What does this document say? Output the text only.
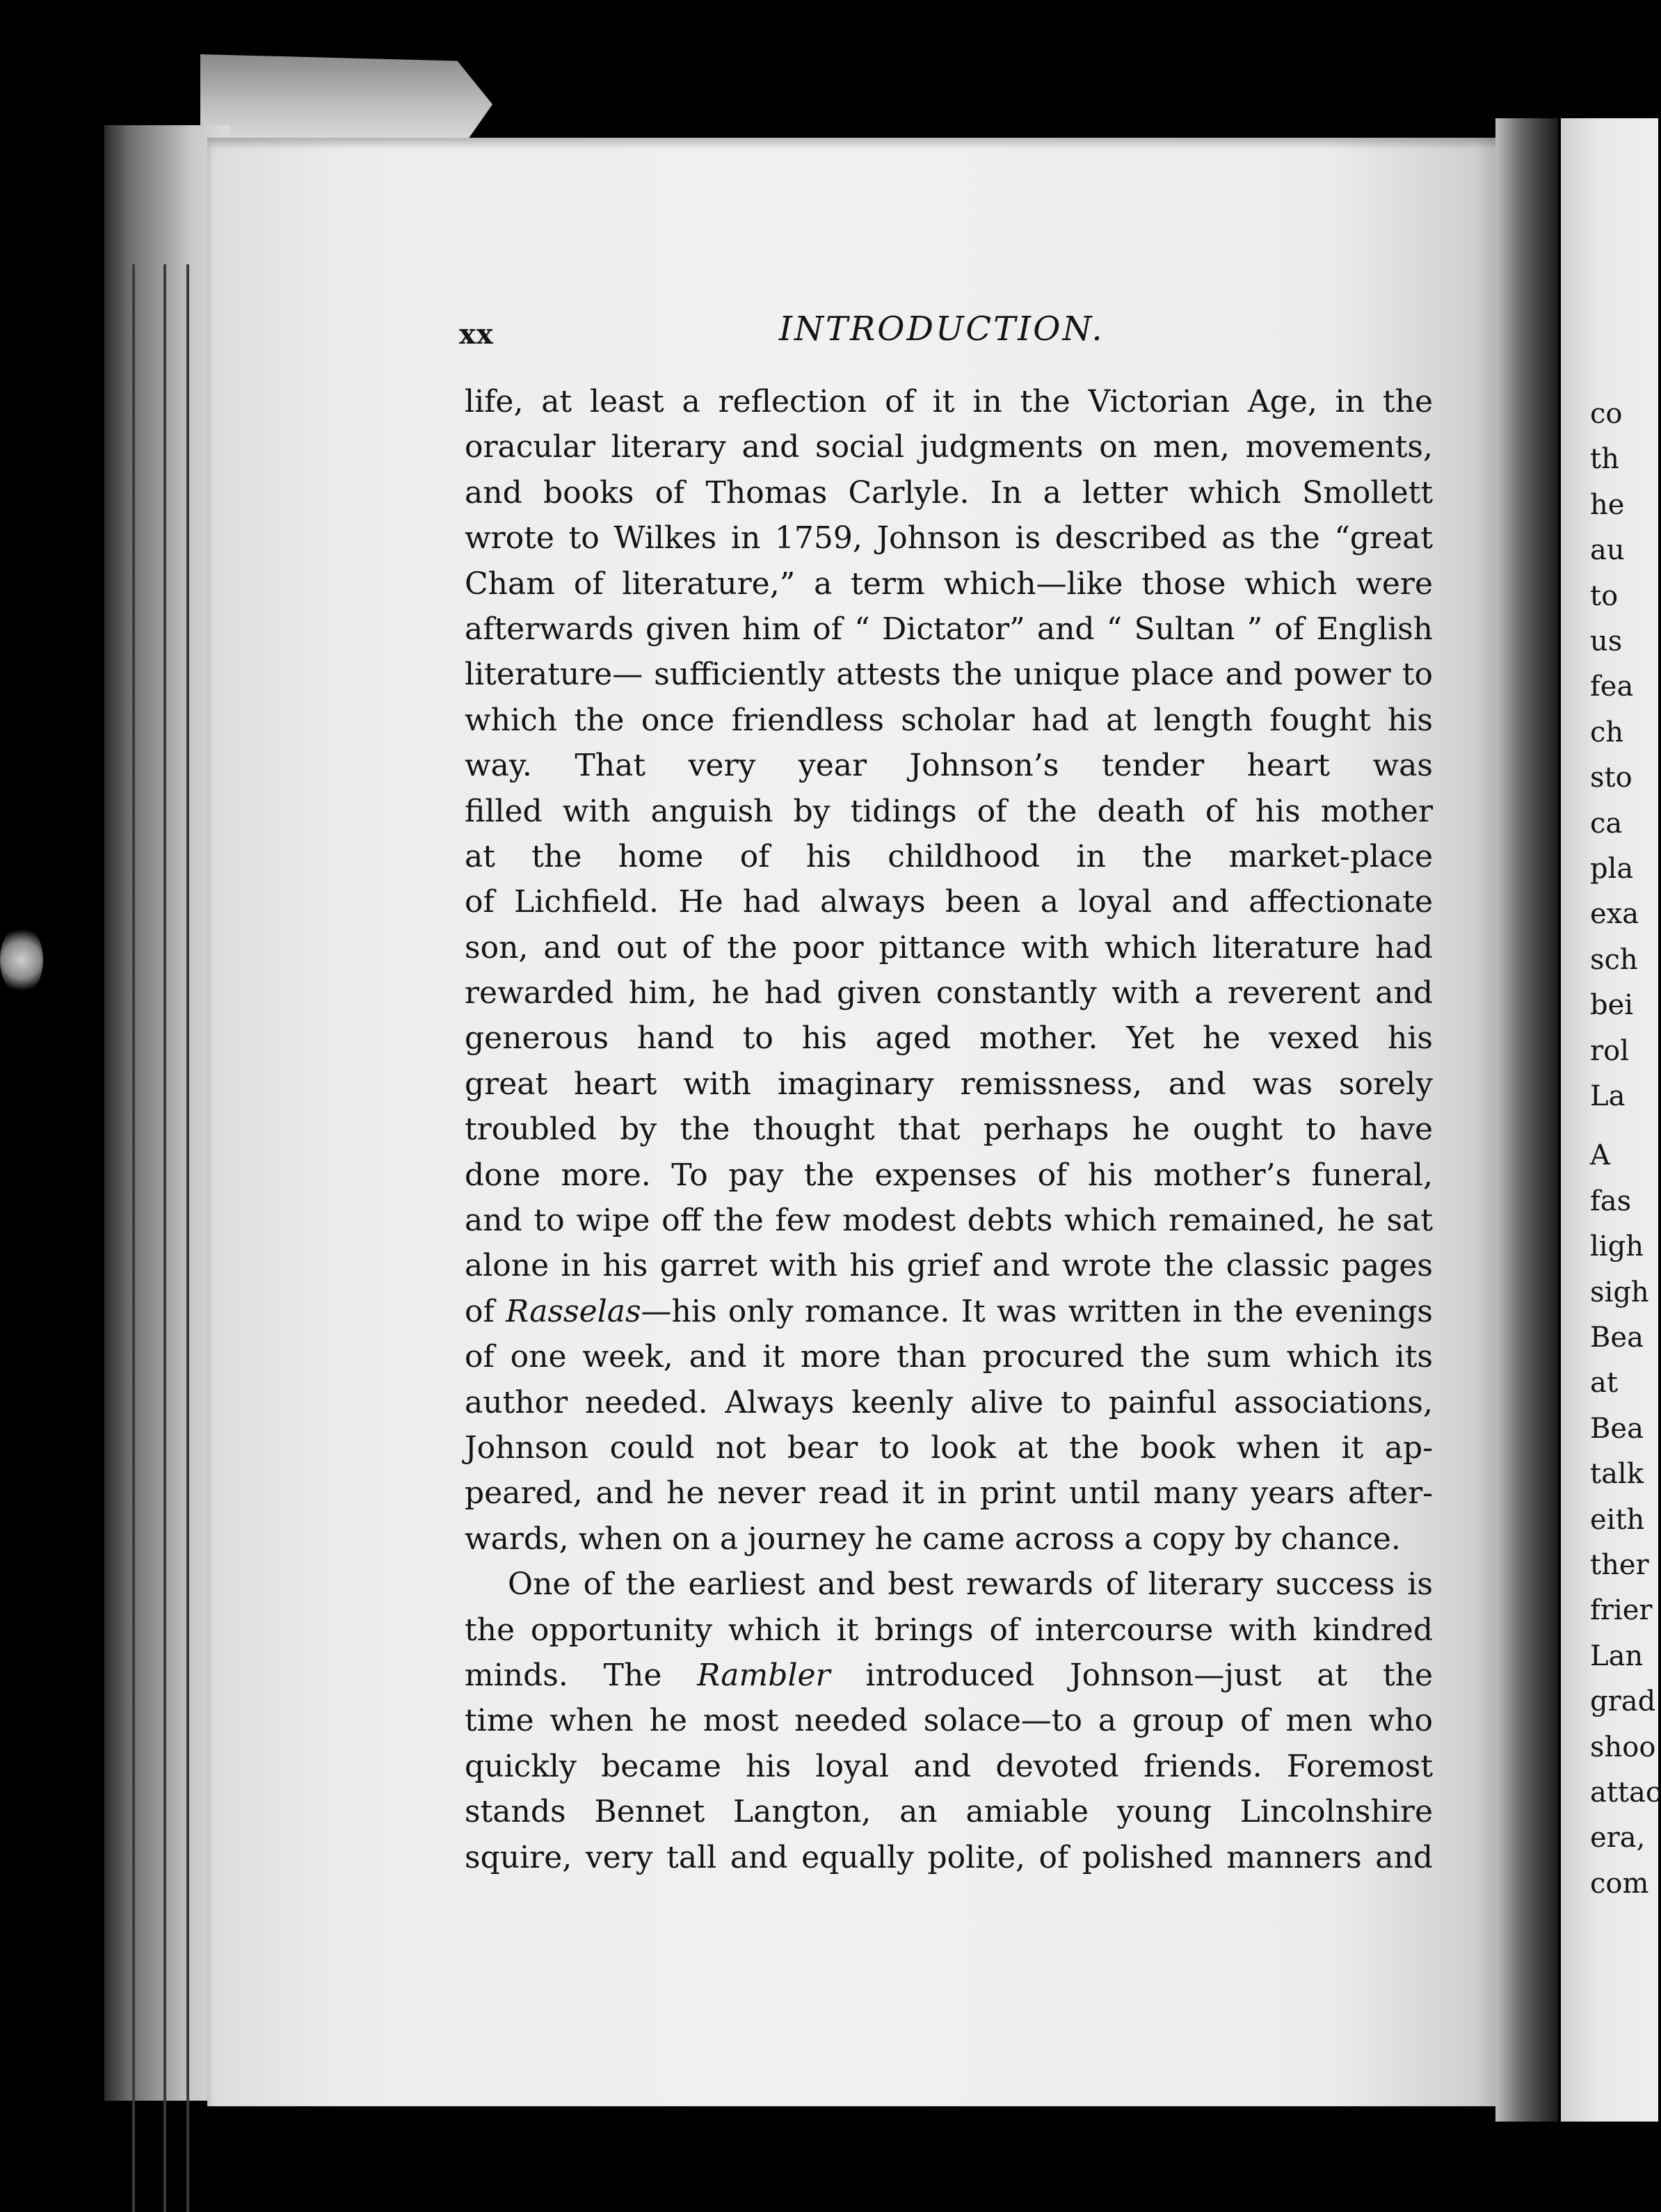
co
th
he
au
to
us
fea
ch
sto
ca
pla
exa
sch
bei
rol
La
A
fas
ligh
sigh
Bea
at
Bea
talk
eith
ther
frier
Lan
grad
shoo
attac
era,
com
xx	INTRODUCTION.
life, at least a reflection of it in the Victorian Age, in the
oracular literary and social judgments on men, movements,
and books of Thomas Carlyle. In a letter which Smollett
wrote to Wilkes in 1759, Johnson is described as the “great
Cham of literature,” a term which—like those which were
afterwards given him of “ Dictator” and “ Sultan ” of English
literature— sufficiently attests the unique place and power to
which the once friendless scholar had at length fought his
way. That very year Johnson’s tender heart was
filled with anguish by tidings of the death of his mother
at the home of his childhood in the market-place
of Lichfield. He had always been a loyal and affectionate
son, and out of the poor pittance with which literature had
rewarded him, he had given constantly with a reverent and
generous hand to his aged mother. Yet he vexed his
great heart with imaginary remissness, and was sorely
troubled by the thought that perhaps he ought to have
done more. To pay the expenses of his mother’s funeral,
and to wipe off the few modest debts which remained, he sat
alone in his garret with his grief and wrote the classic pages
of Rasselas—his only romance. It was written in the evenings
of one week, and it more than procured the sum which its
author needed. Always keenly alive to painful associations,
Johnson could not bear to look at the book when it ap-
peared, and he never read it in print until many years after-
wards, when on a journey he came across a copy by chance.
One of the earliest and best rewards of literary success is
the opportunity which it brings of intercourse with kindred
minds. The Rambler introduced Johnson—just at the
time when he most needed solace—to a group of men who
quickly became his loyal and devoted friends. Foremost
stands Bennet Langton, an amiable young Lincolnshire
squire, very tall and equally polite, of polished manners and
